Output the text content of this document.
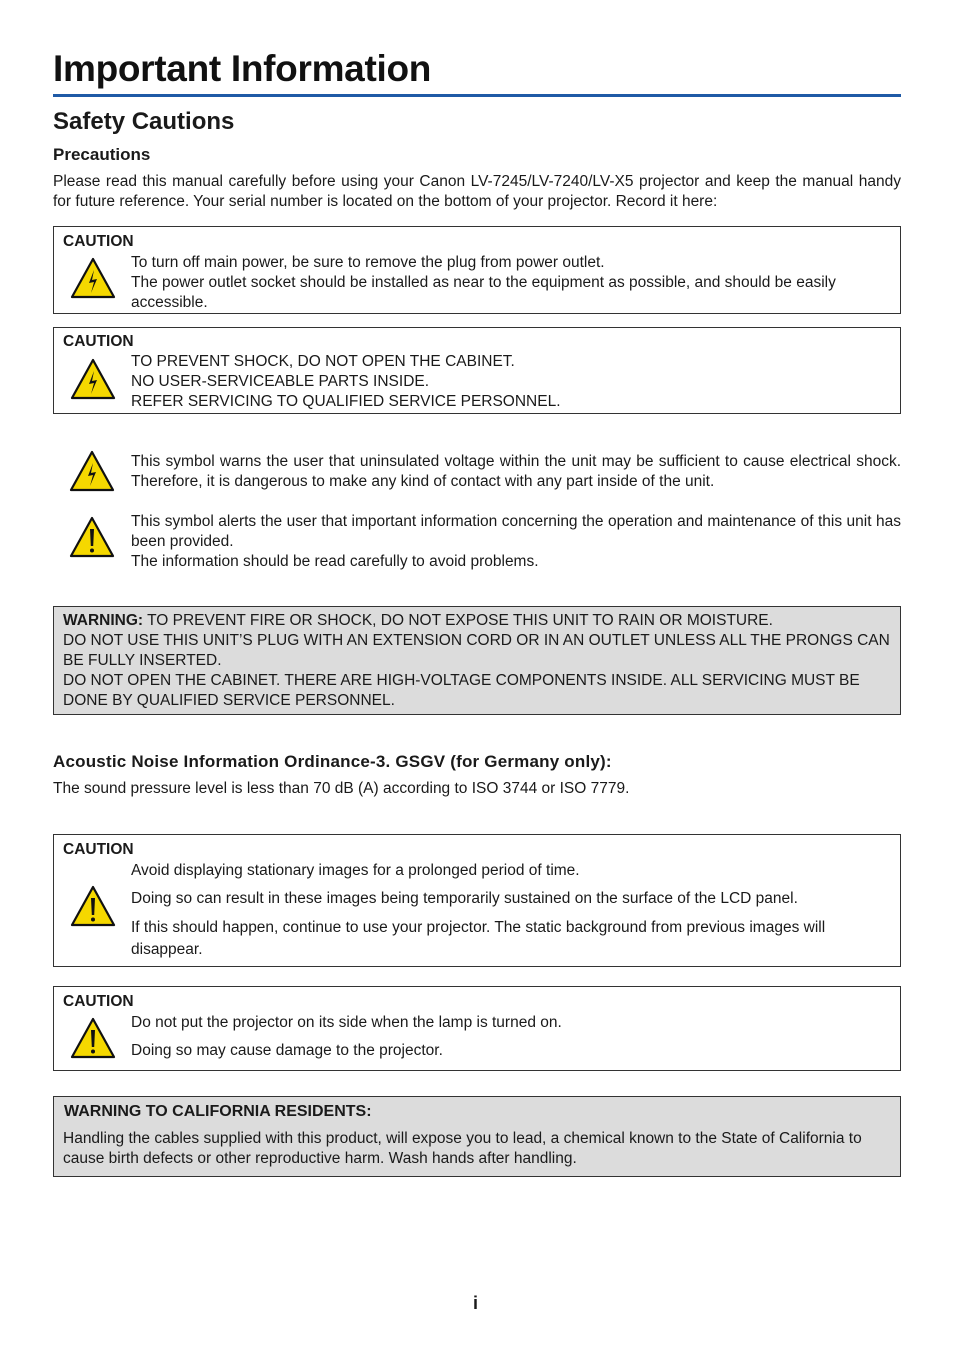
Important Information
Safety Cautions
Precautions
Please read this manual carefully before using your Canon LV-7245/LV-7240/LV-X5 projector and keep the manual handy for future reference. Your serial number is located on the bottom of your projector. Record it here:
CAUTION
To turn off main power, be sure to remove the plug from power outlet.
The power outlet socket should be installed as near to the equipment as possible, and should be easily accessible.
CAUTION
TO PREVENT SHOCK, DO NOT OPEN THE CABINET.
NO USER-SERVICEABLE PARTS INSIDE.
REFER SERVICING TO QUALIFIED SERVICE PERSONNEL.
This symbol warns the user that uninsulated voltage within the unit may be sufficient to cause electrical shock. Therefore, it is dangerous to make any kind of contact with any part inside of the unit.
This symbol alerts the user that important information concerning the operation and maintenance of this unit has been provided.
The information should be read carefully to avoid problems.
WARNING: TO PREVENT FIRE OR SHOCK, DO NOT EXPOSE THIS UNIT TO RAIN OR MOISTURE.
DO NOT USE THIS UNIT’S PLUG WITH AN EXTENSION CORD OR IN AN OUTLET UNLESS ALL THE PRONGS CAN BE FULLY INSERTED.
DO NOT OPEN THE CABINET. THERE ARE HIGH-VOLTAGE COMPONENTS INSIDE. ALL SERVICING MUST BE DONE BY QUALIFIED SERVICE PERSONNEL.
Acoustic Noise Information Ordinance-3. GSGV (for Germany only):
The sound pressure level is less than 70 dB (A) according to ISO 3744 or ISO 7779.
CAUTION
Avoid displaying stationary images for a prolonged period of time.
Doing so can result in these images being temporarily sustained on the surface of the LCD panel.
If this should happen, continue to use your projector. The static background from previous images will disappear.
CAUTION
Do not put the projector on its side when the lamp is turned on.
Doing so may cause damage to the projector.
WARNING TO CALIFORNIA RESIDENTS:
Handling the cables supplied with this product, will expose you to lead, a chemical known to the State of California to cause birth defects or other reproductive harm. Wash hands after handling.
i
